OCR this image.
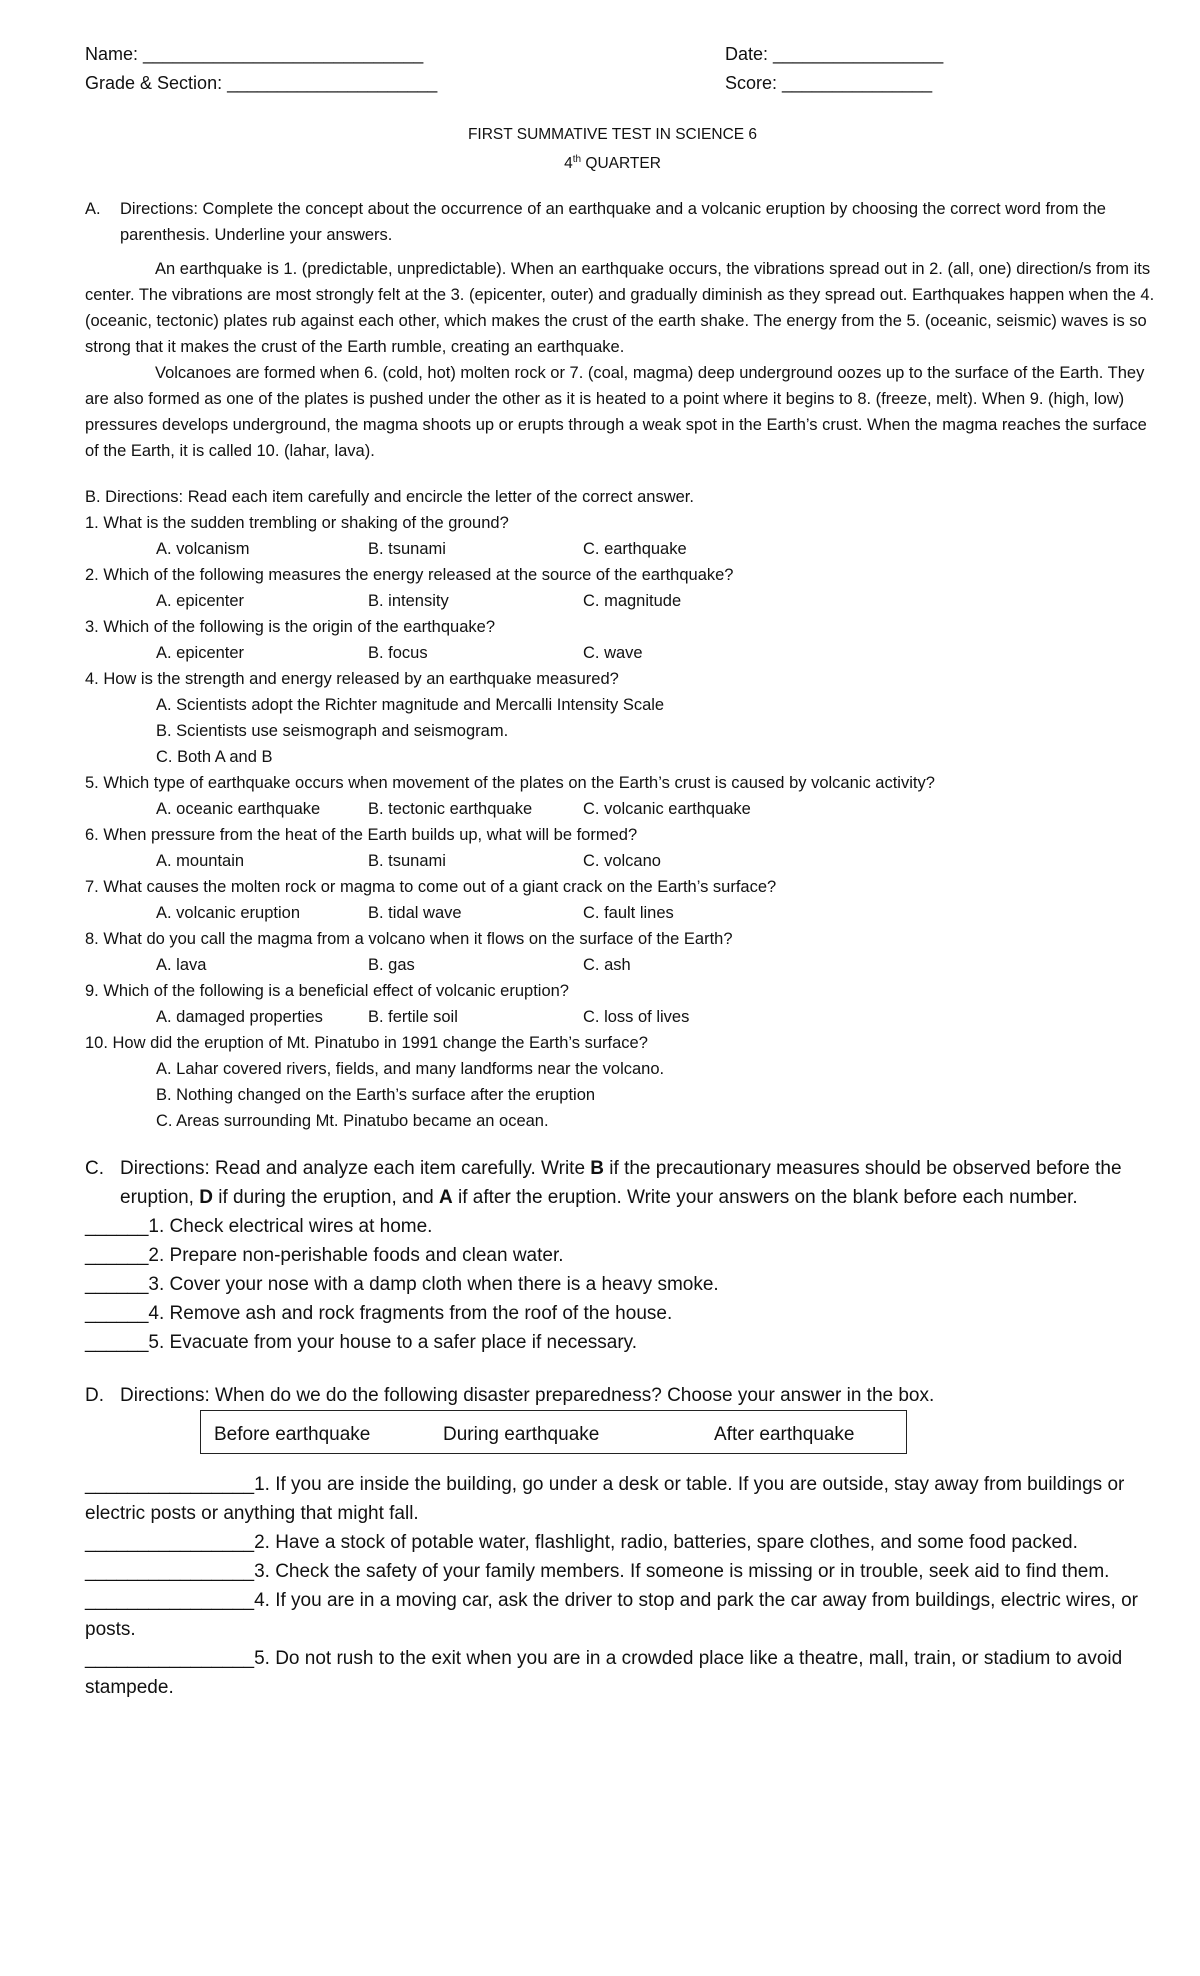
Name: ____________________________	Date: _________________
Grade & Section: _____________________	Score: _______________
FIRST SUMMATIVE TEST IN SCIENCE 6
4th QUARTER
A. Directions: Complete the concept about the occurrence of an earthquake and a volcanic eruption by choosing the correct word from the parenthesis. Underline your answers.

An earthquake is 1. (predictable, unpredictable). When an earthquake occurs, the vibrations spread out in 2. (all, one) direction/s from its center. The vibrations are most strongly felt at the 3. (epicenter, outer) and gradually diminish as they spread out. Earthquakes happen when the 4. (oceanic, tectonic) plates rub against each other, which makes the crust of the earth shake. The energy from the 5. (oceanic, seismic) waves is so strong that it makes the crust of the Earth rumble, creating an earthquake.

Volcanoes are formed when 6. (cold, hot) molten rock or 7. (coal, magma) deep underground oozes up to the surface of the Earth. They are also formed as one of the plates is pushed under the other as it is heated to a point where it begins to 8. (freeze, melt). When 9. (high, low) pressures develops underground, the magma shoots up or erupts through a weak spot in the Earth’s crust. When the magma reaches the surface of the Earth, it is called 10. (lahar, lava).

B. Directions: Read each item carefully and encircle the letter of the correct answer.
1. What is the sudden trembling or shaking of the ground?
A. volcanism	B. tsunami	C. earthquake
2. Which of the following measures the energy released at the source of the earthquake?
A. epicenter	B. intensity	C. magnitude
3. Which of the following is the origin of the earthquake?
A. epicenter	B. focus	C. wave
4. How is the strength and energy released by an earthquake measured?
A. Scientists adopt the Richter magnitude and Mercalli Intensity Scale
B. Scientists use seismograph and seismogram.
C. Both A and B
5. Which type of earthquake occurs when movement of the plates on the Earth’s crust is caused by volcanic activity?
A. oceanic earthquake	B. tectonic earthquake	C. volcanic earthquake
6. When pressure from the heat of the Earth builds up, what will be formed?
A. mountain	B. tsunami	C. volcano
7. What causes the molten rock or magma to come out of a giant crack on the Earth’s surface?
A. volcanic eruption	B. tidal wave	C. fault lines
8. What do you call the magma from a volcano when it flows on the surface of the Earth?
A. lava	B. gas	C. ash
9. Which of the following is a beneficial effect of volcanic eruption?
A. damaged properties	B. fertile soil	C. loss of lives
10. How did the eruption of Mt. Pinatubo in 1991 change the Earth’s surface?
A. Lahar covered rivers, fields, and many landforms near the volcano.
B. Nothing changed on the Earth’s surface after the eruption
C. Areas surrounding Mt. Pinatubo became an ocean.
C. Directions: Read and analyze each item carefully. Write B if the precautionary measures should be observed before the eruption, D if during the eruption, and A if after the eruption. Write your answers on the blank before each number.
______1. Check electrical wires at home.
______2. Prepare non-perishable foods and clean water.
______3. Cover your nose with a damp cloth when there is a heavy smoke.
______4. Remove ash and rock fragments from the roof of the house.
______5. Evacuate from your house to a safer place if necessary.
D. Directions: When do we do the following disaster preparedness? Choose your answer in the box.
Before earthquake	During earthquake	After earthquake
________________1. If you are inside the building, go under a desk or table. If you are outside, stay away from buildings or electric posts or anything that might fall.
________________2. Have a stock of potable water, flashlight, radio, batteries, spare clothes, and some food packed.
________________3. Check the safety of your family members. If someone is missing or in trouble, seek aid to find them.
________________4. If you are in a moving car, ask the driver to stop and park the car away from buildings, electric wires, or posts.
________________5. Do not rush to the exit when you are in a crowded place like a theatre, mall, train, or stadium to avoid stampede.
